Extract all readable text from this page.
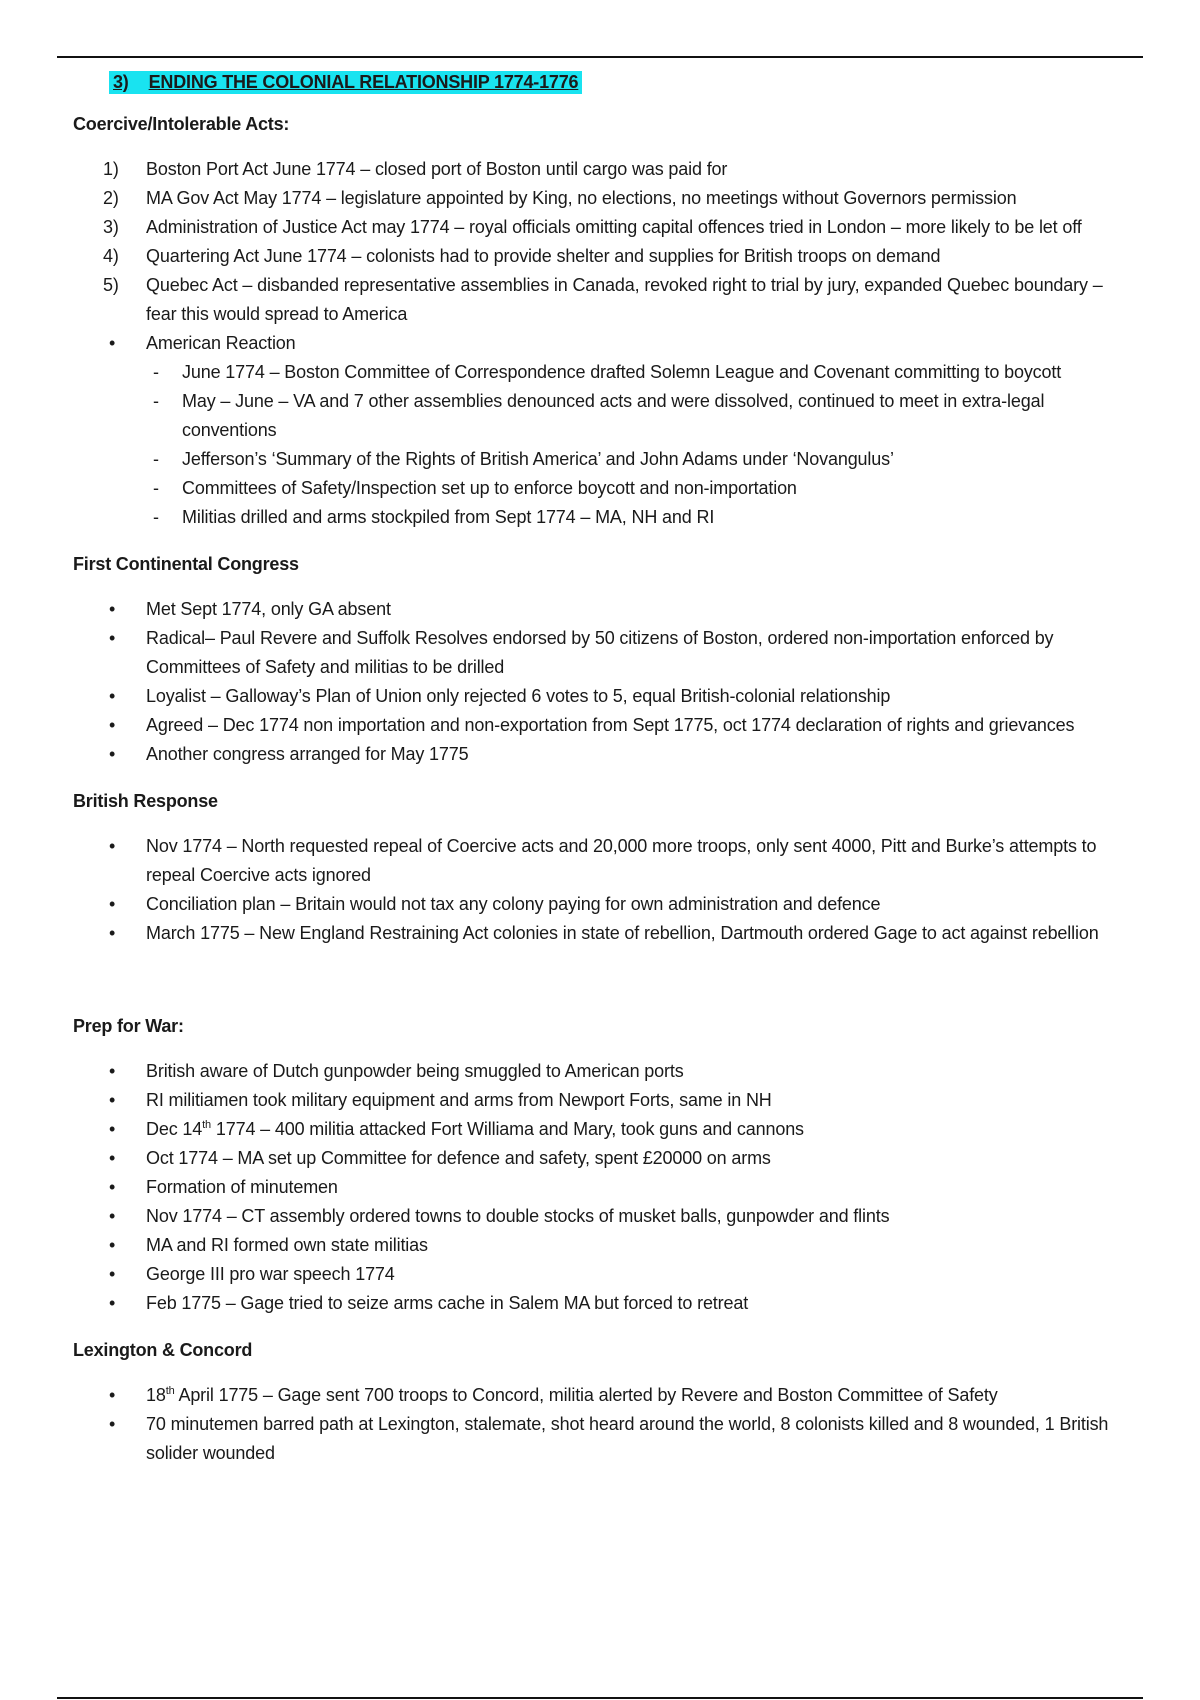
3) ENDING THE COLONIAL RELATIONSHIP 1774-1776
Coercive/Intolerable Acts:
1)	Boston Port Act June 1774 – closed port of Boston until cargo was paid for
2)	MA Gov Act May 1774 – legislature appointed by King, no elections, no meetings without Governors permission
3)	Administration of Justice Act may 1774 – royal officials omitting capital offences tried in London – more likely to be let off
4)	Quartering Act June 1774 – colonists had to provide shelter and supplies for British troops on demand
5)	Quebec Act – disbanded representative assemblies in Canada, revoked right to trial by jury, expanded Quebec boundary – fear this would spread to America
•	American Reaction
-	June 1774 – Boston Committee of Correspondence drafted Solemn League and Covenant committing to boycott
-	May – June – VA and 7 other assemblies denounced acts and were dissolved, continued to meet in extra-legal conventions
-	Jefferson’s ‘Summary of the Rights of British America’ and John Adams under ‘Novangulus’
-	Committees of Safety/Inspection set up to enforce boycott and non-importation
-	Militias drilled and arms stockpiled from Sept 1774 – MA, NH and RI
First Continental Congress
•	Met Sept 1774, only GA absent
•	Radical– Paul Revere and Suffolk Resolves endorsed by 50 citizens of Boston, ordered non-importation enforced by Committees of Safety and militias to be drilled
•	Loyalist – Galloway’s Plan of Union only rejected 6 votes to 5, equal British-colonial relationship
•	Agreed – Dec 1774 non importation and non-exportation from Sept 1775, oct 1774 declaration of rights and grievances
•	Another congress arranged for May 1775
British Response
•	Nov 1774 – North requested repeal of Coercive acts and 20,000 more troops, only sent 4000, Pitt and Burke’s attempts to repeal Coercive acts ignored
•	Conciliation plan – Britain would not tax any colony paying for own administration and defence
•	March 1775 – New England Restraining Act colonies in state of rebellion, Dartmouth ordered Gage to act against rebellion
Prep for War:
•	British aware of Dutch gunpowder being smuggled to American ports
•	RI militiamen took military equipment and arms from Newport Forts, same in NH
•	Dec 14th 1774 – 400 militia attacked Fort Williama and Mary, took guns and cannons
•	Oct 1774 – MA set up Committee for defence and safety, spent £20000 on arms
•	Formation of minutemen
•	Nov 1774 – CT assembly ordered towns to double stocks of musket balls, gunpowder and flints
•	MA and RI formed own state militias
•	George III pro war speech 1774
•	Feb 1775 – Gage tried to seize arms cache in Salem MA but forced to retreat
Lexington & Concord
•	18th April 1775 – Gage sent 700 troops to Concord, militia alerted by Revere and Boston Committee of Safety
•	70 minutemen barred path at Lexington, stalemate, shot heard around the world, 8 colonists killed and 8 wounded, 1 British solider wounded
